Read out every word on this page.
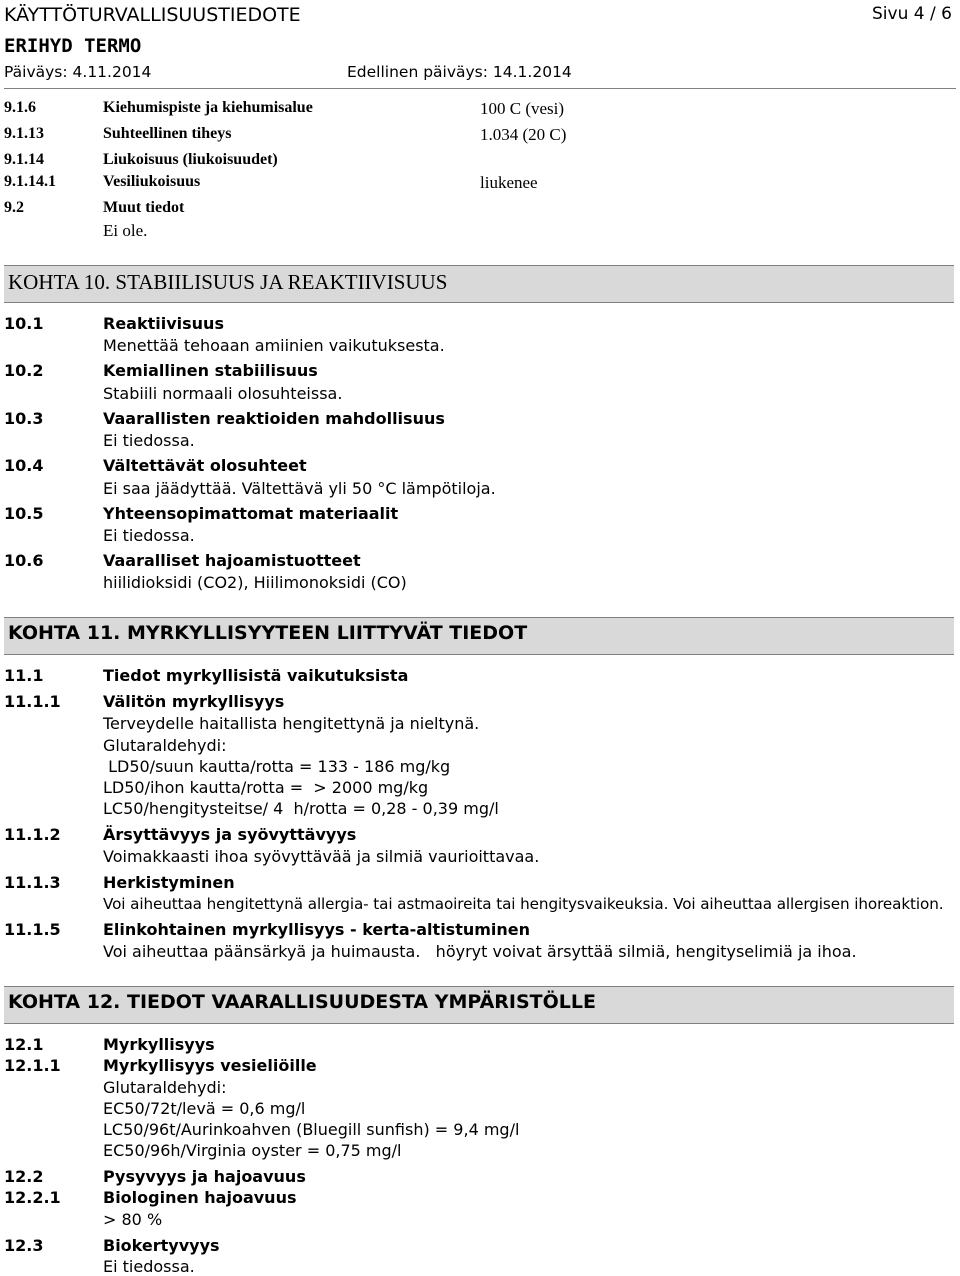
KÄYTTÖTURVALLISUUSTIEDOTE	Sivu 4 / 6
ERIHYD TERMO
Päiväys: 4.11.2014	Edellinen päiväys: 14.1.2014
9.1.6	Kiehumispiste ja kiehumisalue	100 C (vesi)
9.1.13	Suhteellinen tiheys	1.034 (20 C)
9.1.14	Liukoisuus (liukoisuudet)
9.1.14.1	Vesiliukoisuus	liukenee
9.2	Muut tiedot
Ei ole.
KOHTA 10. STABIILISUUS JA REAKTIIVISUUS
10.1	Reaktiivisuus
Menettää tehoaan amiinien vaikutuksesta.
10.2	Kemiallinen stabiilisuus
Stabiili normaali olosuhteissa.
10.3	Vaarallisten reaktioiden mahdollisuus
Ei tiedossa.
10.4	Vältettävät olosuhteet
Ei saa jäädyttää. Vältettävä yli 50 °C lämpötiloja.
10.5	Yhteensopimattomat materiaalit
Ei tiedossa.
10.6	Vaaralliset hajoamistuotteet
hiilidioksidi (CO2), Hiilimonoksidi (CO)
KOHTA 11. MYRKYLLISYYTEEN LIITTYVÄT TIEDOT
11.1	Tiedot myrkyllisistä vaikutuksista
11.1.1	Välitön myrkyllisyys
Terveydelle haitallista hengitettynä ja nieltynä.
Glutaraldehydi:
LD50/suun kautta/rotta = 133 - 186 mg/kg
LD50/ihon kautta/rotta =  > 2000 mg/kg
LC50/hengitysteitse/ 4  h/rotta = 0,28 - 0,39 mg/l
11.1.2	Ärsyttävyys ja syövyttävyys
Voimakkaasti ihoa syövyttävää ja silmiä vaurioittavaa.
11.1.3	Herkistyminen
Voi aiheuttaa hengitettynä allergia- tai astmaoireita tai hengitysvaikeuksia. Voi aiheuttaa allergisen ihoreaktion.
11.1.5	Elinkohtainen myrkyllisyys - kerta-altistuminen
Voi aiheuttaa päänsärkyä ja huimausta.   höyryt voivat ärsyttää silmiä, hengityselimiä ja ihoa.
KOHTA 12. TIEDOT VAARALLISUUDESTA YMPÄRISTÖLLE
12.1	Myrkyllisyys
12.1.1	Myrkyllisyys vesieliöille
Glutaraldehydi:
EC50/72t/levä = 0,6 mg/l
LC50/96t/Aurinkoahven (Bluegill sunfish) = 9,4 mg/l
EC50/96h/Virginia oyster = 0,75 mg/l
12.2	Pysyvyys ja hajoavuus
12.2.1	Biologinen hajoavuus
> 80 %
12.3	Biokertyvyys
Ei tiedossa.
